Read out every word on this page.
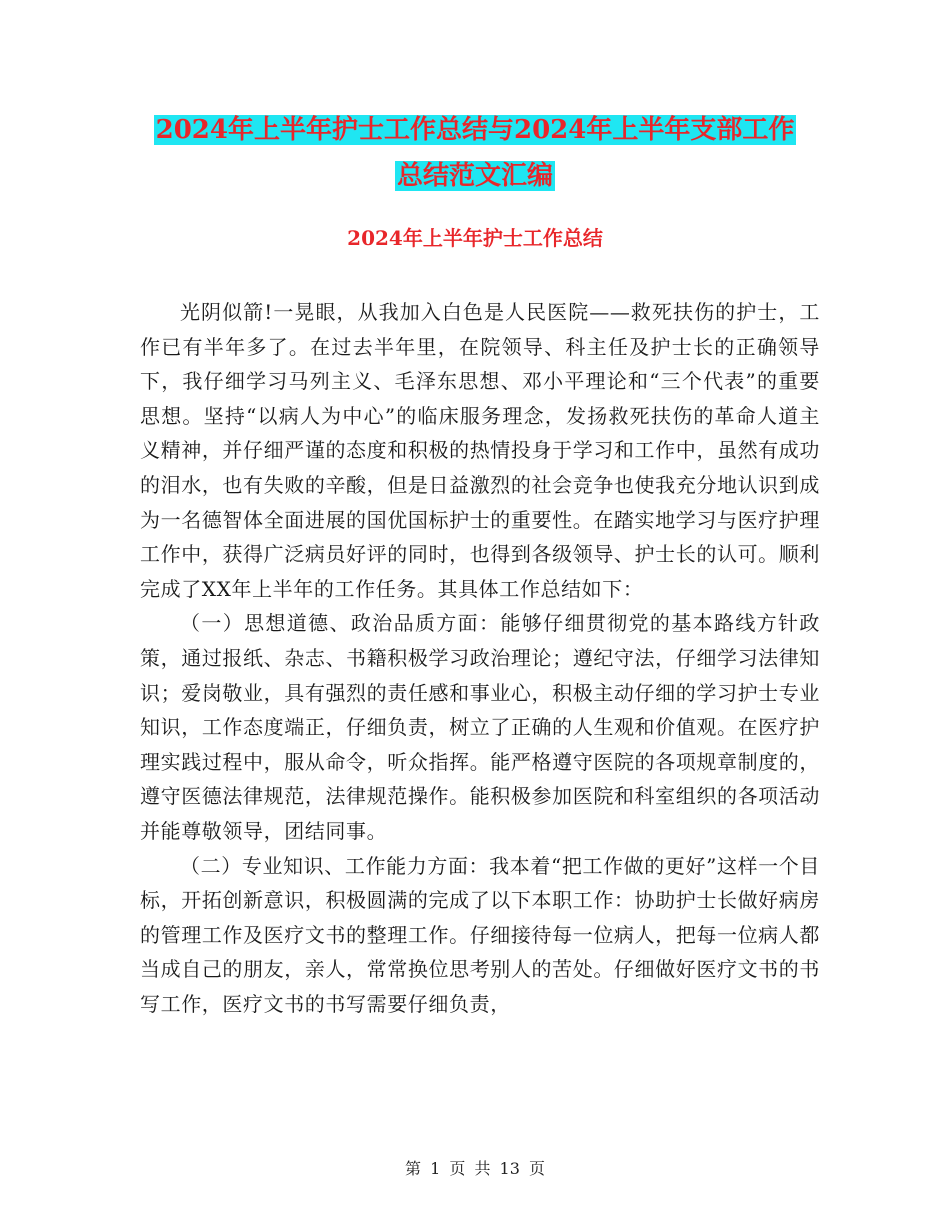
2024年上半年护士工作总结与2024年上半年支部工作
总结范文汇编
2024年上半年护士工作总结

光阴似箭!一晃眼，从我加入白色是人民医院——救死扶伤的护士，工作已有半年多了。在过去半年里，在院领导、科主任及护士长的正确领导下，我仔细学习马列主义、毛泽东思想、邓小平理论和“三个代表”的重要思想。坚持“以病人为中心”的临床服务理念，发扬救死扶伤的革命人道主义精神，并仔细严谨的态度和积极的热情投身于学习和工作中，虽然有成功的泪水，也有失败的辛酸，但是日益激烈的社会竞争也使我充分地认识到成为一名德智体全面进展的国优国标护士的重要性。在踏实地学习与医疗护理工作中，获得广泛病员好评的同时，也得到各级领导、护士长的认可。顺利完成了XX年上半年的工作任务。其具体工作总结如下：

（一）思想道德、政治品质方面：能够仔细贯彻党的基本路线方针政策，通过报纸、杂志、书籍积极学习政治理论；遵纪守法，仔细学习法律知识；爱岗敬业，具有强烈的责任感和事业心，积极主动仔细的学习护士专业知识，工作态度端正，仔细负责，树立了正确的人生观和价值观。在医疗护理实践过程中，服从命令，听众指挥。能严格遵守医院的各项规章制度的，遵守医德法律规范，法律规范操作。能积极参加医院和科室组织的各项活动并能尊敬领导，团结同事。

（二）专业知识、工作能力方面：我本着“把工作做的更好”这样一个目标，开拓创新意识，积极圆满的完成了以下本职工作：协助护士长做好病房的管理工作及医疗文书的整理工作。仔细接待每一位病人，把每一位病人都当成自己的朋友，亲人，常常换位思考别人的苦处。仔细做好医疗文书的书写工作，医疗文书的书写需要仔细负责，

第 1 页 共 13 页
